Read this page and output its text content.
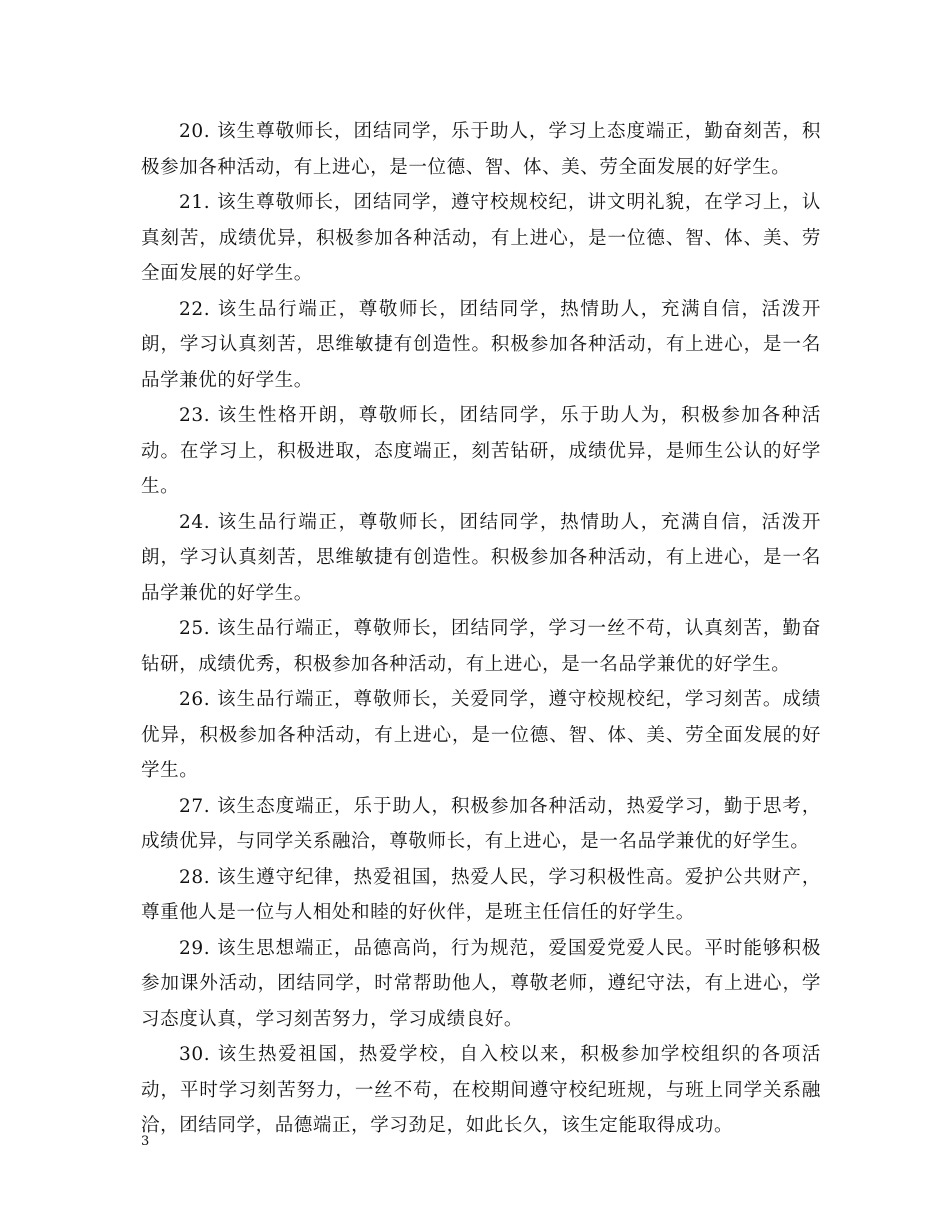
20. 该生尊敬师长，团结同学，乐于助人，学习上态度端正，勤奋刻苦，积极参加各种活动，有上进心，是一位德、智、体、美、劳全面发展的好学生。

21. 该生尊敬师长，团结同学，遵守校规校纪，讲文明礼貌，在学习上，认真刻苦，成绩优异，积极参加各种活动，有上进心，是一位德、智、体、美、劳全面发展的好学生。

22. 该生品行端正，尊敬师长，团结同学，热情助人，充满自信，活泼开朗，学习认真刻苦，思维敏捷有创造性。积极参加各种活动，有上进心，是一名品学兼优的好学生。

23. 该生性格开朗，尊敬师长，团结同学，乐于助人为，积极参加各种活动。在学习上，积极进取，态度端正，刻苦钻研，成绩优异，是师生公认的好学生。

24. 该生品行端正，尊敬师长，团结同学，热情助人，充满自信，活泼开朗，学习认真刻苦，思维敏捷有创造性。积极参加各种活动，有上进心，是一名品学兼优的好学生。

25. 该生品行端正，尊敬师长，团结同学，学习一丝不苟，认真刻苦，勤奋钻研，成绩优秀，积极参加各种活动，有上进心，是一名品学兼优的好学生。

26. 该生品行端正，尊敬师长，关爱同学，遵守校规校纪，学习刻苦。成绩优异，积极参加各种活动，有上进心，是一位德、智、体、美、劳全面发展的好学生。

27. 该生态度端正，乐于助人，积极参加各种活动，热爱学习，勤于思考，成绩优异，与同学关系融洽，尊敬师长，有上进心，是一名品学兼优的好学生。

28. 该生遵守纪律，热爱祖国，热爱人民，学习积极性高。爱护公共财产，尊重他人是一位与人相处和睦的好伙伴，是班主任信任的好学生。

29. 该生思想端正，品德高尚，行为规范，爱国爱党爱人民。平时能够积极参加课外活动，团结同学，时常帮助他人，尊敬老师，遵纪守法，有上进心，学习态度认真，学习刻苦努力，学习成绩良好。

30. 该生热爱祖国，热爱学校，自入校以来，积极参加学校组织的各项活动，平时学习刻苦努力，一丝不苟，在校期间遵守校纪班规，与班上同学关系融洽，团结同学，品德端正，学习劲足，如此长久，该生定能取得成功。

3
